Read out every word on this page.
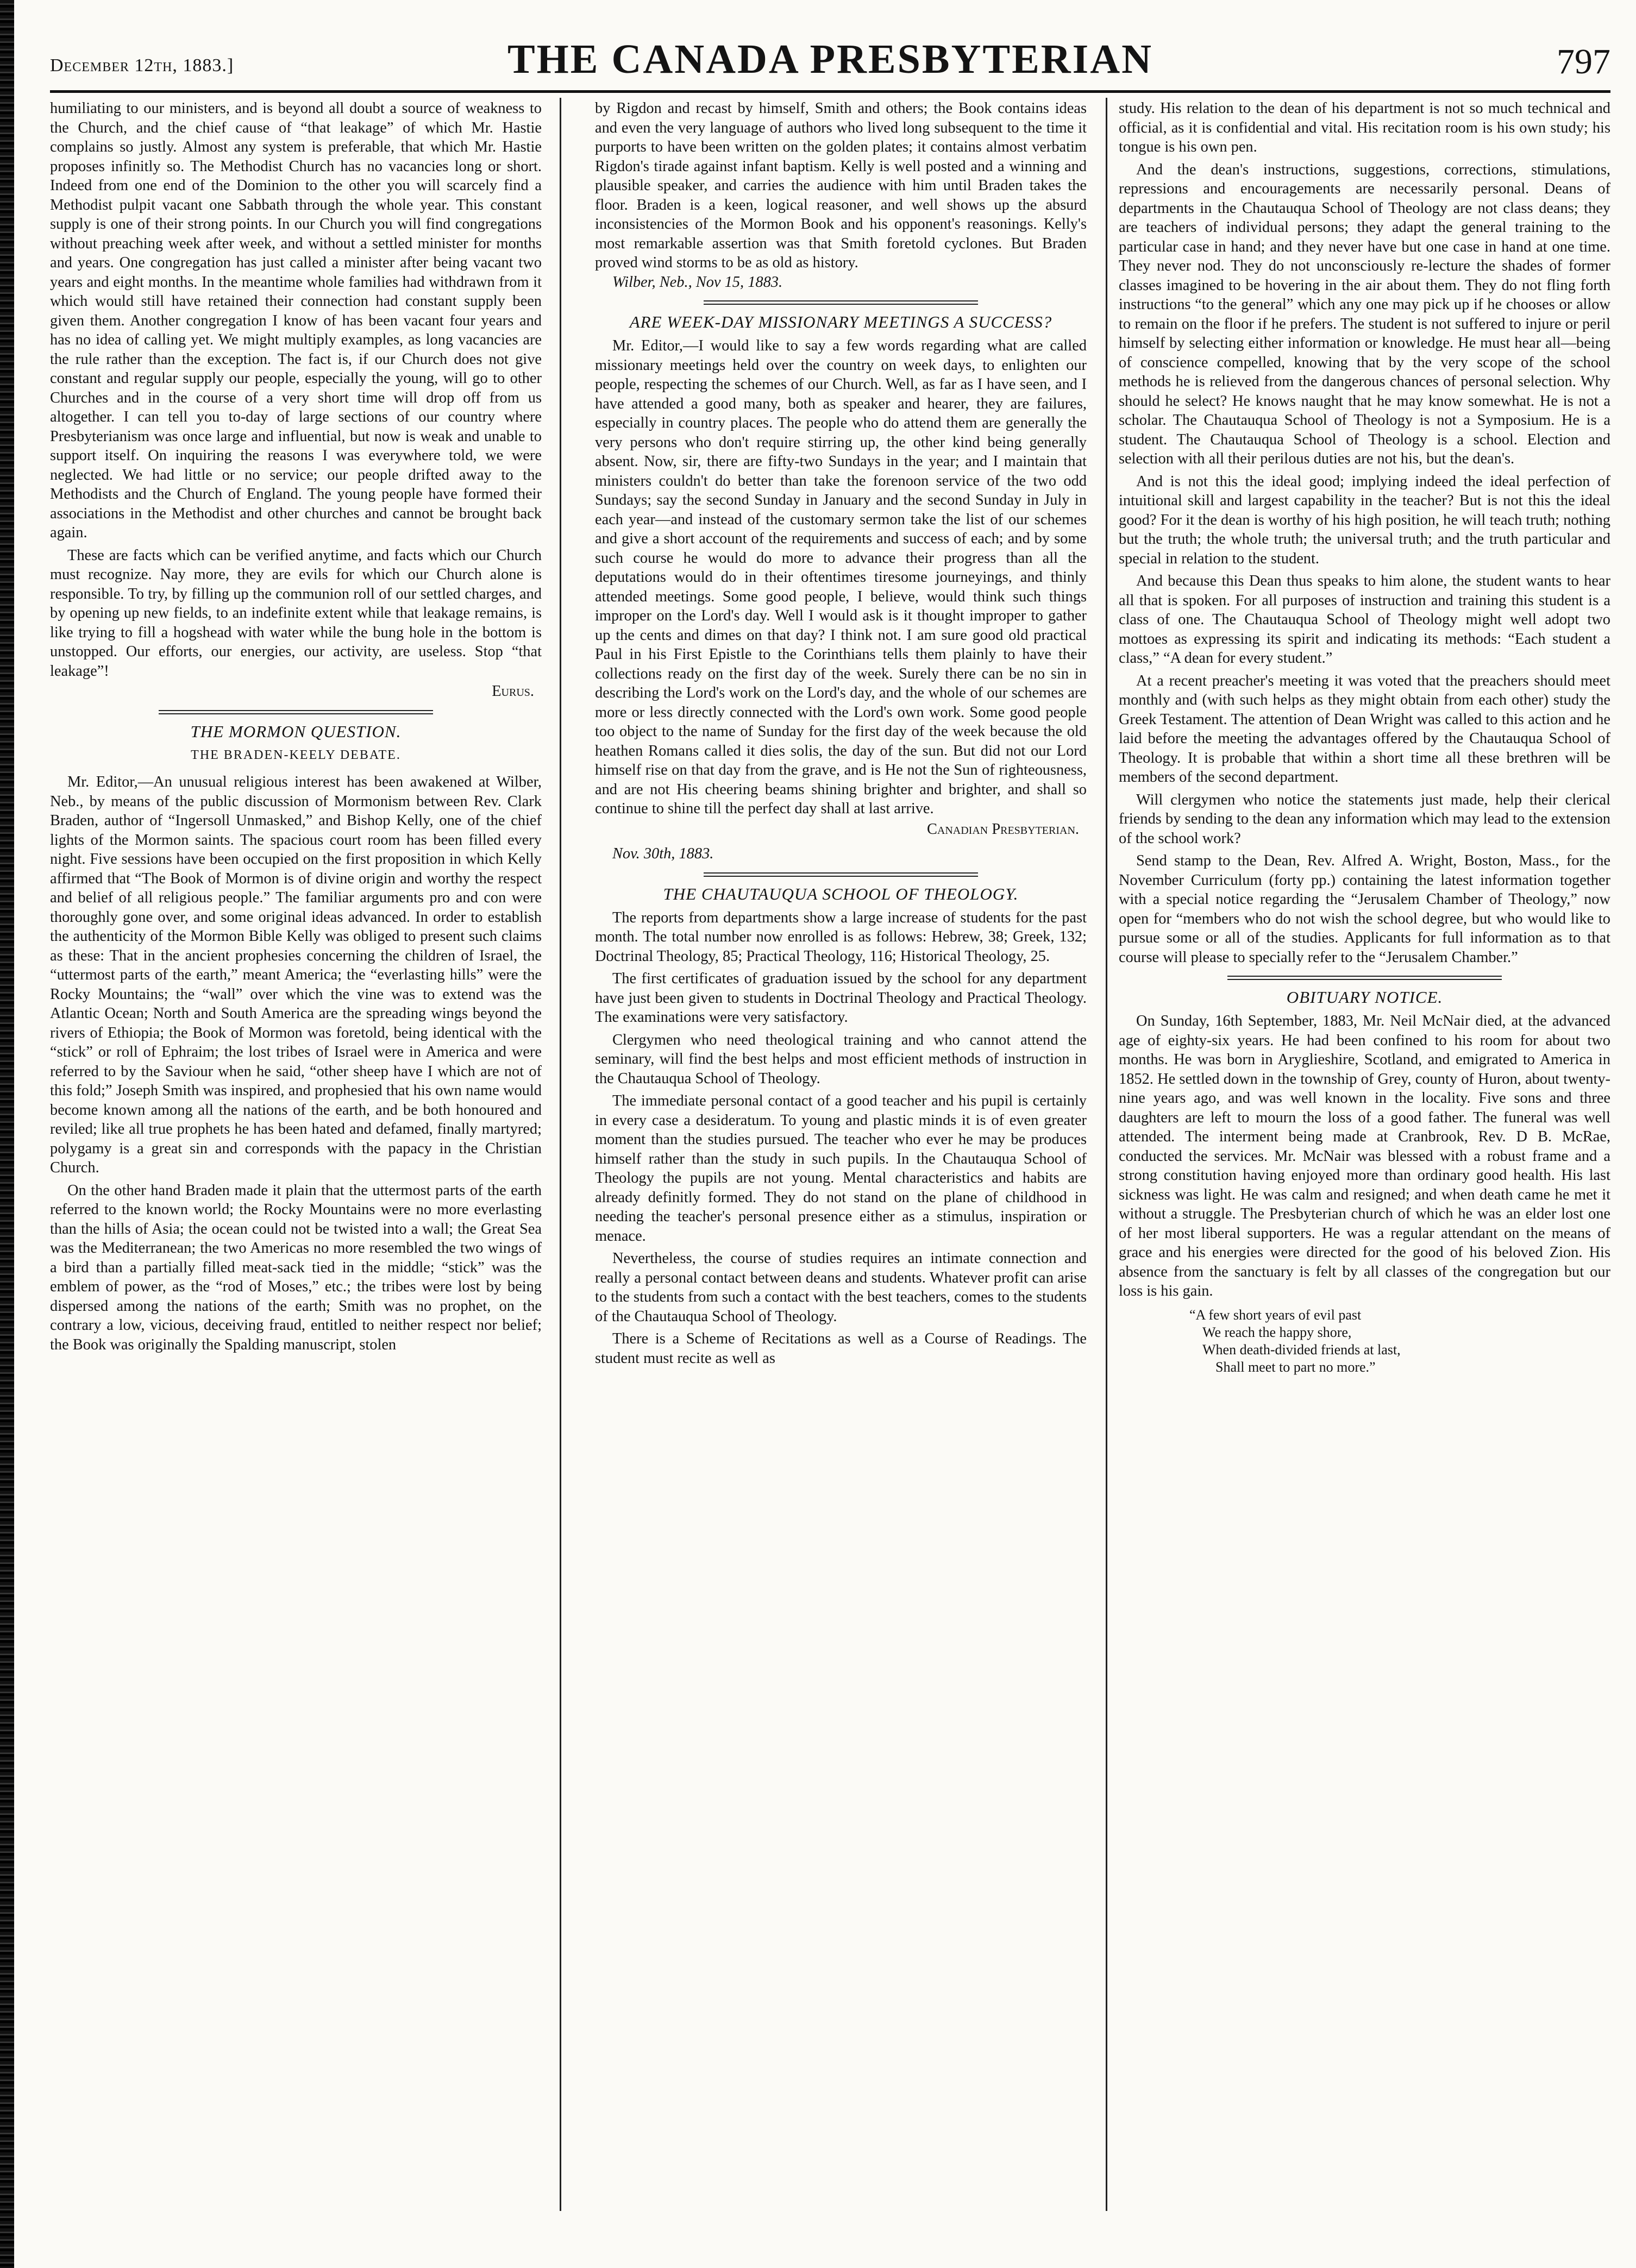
December 12th, 1883.]	THE CANADA PRESBYTERIAN	797

humiliating to our ministers, and is beyond all doubt a source of weakness to the Church, and the chief cause of “that leakage” of which Mr. Hastie complains so justly. Almost any system is preferable, that which Mr. Hastie proposes infinitly so. The Methodist Church has no vacancies long or short. Indeed from one end of the Dominion to the other you will scarcely find a Methodist pulpit vacant one Sabbath through the whole year. This constant supply is one of their strong points. In our Church you will find congregations without preaching week after week, and without a settled minister for months and years. One congregation has just called a minister after being vacant two years and eight months. In the meantime whole families had withdrawn from it which would still have retained their connection had constant supply been given them. Another congregation I know of has been vacant four years and has no idea of calling yet. We might multiply examples, as long vacancies are the rule rather than the exception. The fact is, if our Church does not give constant and regular supply our people, especially the young, will go to other Churches and in the course of a very short time will drop off from us altogether. I can tell you to-day of large sections of our country where Presbyterianism was once large and influential, but now is weak and unable to support itself. On inquiring the reasons I was everywhere told, we were neglected. We had little or no service; our people drifted away to the Methodists and the Church of England. The young people have formed their associations in the Methodist and other churches and cannot be brought back again.

These are facts which can be verified anytime, and facts which our Church must recognize. Nay more, they are evils for which our Church alone is responsible. To try, by filling up the communion roll of our settled charges, and by opening up new fields, to an indefinite extent while that leakage remains, is like trying to fill a hogshead with water while the bung hole in the bottom is unstopped. Our efforts, our energies, our activity, are useless. Stop “that leakage”!

Eurus.
THE MORMON QUESTION.
THE BRADEN-KEELY DEBATE.

Mr. Editor,—An unusual religious interest has been awakened at Wilber, Neb., by means of the public discussion of Mormonism between Rev. Clark Braden, author of “Ingersoll Unmasked,” and Bishop Kelly, one of the chief lights of the Mormon saints. The spacious court room has been filled every night. Five sessions have been occupied on the first proposition in which Kelly affirmed that “The Book of Mormon is of divine origin and worthy the respect and belief of all religious people.” The familiar arguments pro and con were thoroughly gone over, and some original ideas advanced. In order to establish the authenticity of the Mormon Bible Kelly was obliged to present such claims as these: That in the ancient prophesies concerning the children of Israel, the “uttermost parts of the earth,” meant America; the “everlasting hills” were the Rocky Mountains; the “wall” over which the vine was to extend was the Atlantic Ocean; North and South America are the spreading wings beyond the rivers of Ethiopia; the Book of Mormon was foretold, being identical with the “stick” or roll of Ephraim; the lost tribes of Israel were in America and were referred to by the Saviour when he said, “other sheep have I which are not of this fold;” Joseph Smith was inspired, and prophesied that his own name would become known among all the nations of the earth, and be both honoured and reviled; like all true prophets he has been hated and defamed, finally martyred; polygamy is a great sin and corresponds with the papacy in the Christian Church.

On the other hand Braden made it plain that the uttermost parts of the earth referred to the known world; the Rocky Mountains were no more everlasting than the hills of Asia; the ocean could not be twisted into a wall; the Great Sea was the Mediterranean; the two Americas no more resembled the two wings of a bird than a partially filled meat-sack tied in the middle; “stick” was the emblem of power, as the “rod of Moses,” etc.; the tribes were lost by being dispersed among the nations of the earth; Smith was no prophet, on the contrary a low, vicious, deceiving fraud, entitled to neither respect nor belief; the Book was originally the Spalding manuscript, stolen

by Rigdon and recast by himself, Smith and others; the Book contains ideas and even the very language of authors who lived long subsequent to the time it purports to have been written on the golden plates; it contains almost verbatim Rigdon's tirade against infant baptism. Kelly is well posted and a winning and plausible speaker, and carries the audience with him until Braden takes the floor. Braden is a keen, logical reasoner, and well shows up the absurd inconsistencies of the Mormon Book and his opponent's reasonings. Kelly's most remarkable assertion was that Smith foretold cyclones. But Braden proved wind storms to be as old as history.

Wilber, Neb., Nov 15, 1883.
ARE WEEK-DAY MISSIONARY MEETINGS A SUCCESS?

Mr. Editor,—I would like to say a few words regarding what are called missionary meetings held over the country on week days, to enlighten our people, respecting the schemes of our Church. Well, as far as I have seen, and I have attended a good many, both as speaker and hearer, they are failures, especially in country places. The people who do attend them are generally the very persons who don't require stirring up, the other kind being generally absent. Now, sir, there are fifty-two Sundays in the year; and I maintain that ministers couldn't do better than take the forenoon service of the two odd Sundays; say the second Sunday in January and the second Sunday in July in each year—and instead of the customary sermon take the list of our schemes and give a short account of the requirements and success of each; and by some such course he would do more to advance their progress than all the deputations would do in their oftentimes tiresome journeyings, and thinly attended meetings. Some good people, I believe, would think such things improper on the Lord's day. Well I would ask is it thought improper to gather up the cents and dimes on that day? I think not. I am sure good old practical Paul in his First Epistle to the Corinthians tells them plainly to have their collections ready on the first day of the week. Surely there can be no sin in describing the Lord's work on the Lord's day, and the whole of our schemes are more or less directly connected with the Lord's own work. Some good people too object to the name of Sunday for the first day of the week because the old heathen Romans called it dies solis, the day of the sun. But did not our Lord himself rise on that day from the grave, and is He not the Sun of righteousness, and are not His cheering beams shining brighter and brighter, and shall so continue to shine till the perfect day shall at last arrive.

Canadian Presbyterian.
Nov. 30th, 1883.
THE CHAUTAUQUA SCHOOL OF THEOLOGY.

The reports from departments show a large increase of students for the past month. The total number now enrolled is as follows: Hebrew, 38; Greek, 132; Doctrinal Theology, 85; Practical Theology, 116; Historical Theology, 25.

The first certificates of graduation issued by the school for any department have just been given to students in Doctrinal Theology and Practical Theology. The examinations were very satisfactory.

Clergymen who need theological training and who cannot attend the seminary, will find the best helps and most efficient methods of instruction in the Chautauqua School of Theology.

The immediate personal contact of a good teacher and his pupil is certainly in every case a desideratum. To young and plastic minds it is of even greater moment than the studies pursued. The teacher who ever he may be produces himself rather than the study in such pupils. In the Chautauqua School of Theology the pupils are not young. Mental characteristics and habits are already definitly formed. They do not stand on the plane of childhood in needing the teacher's personal presence either as a stimulus, inspiration or menace.

Nevertheless, the course of studies requires an intimate connection and really a personal contact between deans and students. Whatever profit can arise to the students from such a contact with the best teachers, comes to the students of the Chautauqua School of Theology.

There is a Scheme of Recitations as well as a Course of Readings. The student must recite as well as

study. His relation to the dean of his department is not so much technical and official, as it is confidential and vital. His recitation room is his own study; his tongue is his own pen.

And the dean's instructions, suggestions, corrections, stimulations, repressions and encouragements are necessarily personal. Deans of departments in the Chautauqua School of Theology are not class deans; they are teachers of individual persons; they adapt the general training to the particular case in hand; and they never have but one case in hand at one time. They never nod. They do not unconsciously re-lecture the shades of former classes imagined to be hovering in the air about them. They do not fling forth instructions “to the general” which any one may pick up if he chooses or allow to remain on the floor if he prefers. The student is not suffered to injure or peril himself by selecting either information or knowledge. He must hear all—being of conscience compelled, knowing that by the very scope of the school methods he is relieved from the dangerous chances of personal selection. Why should he select? He knows naught that he may know somewhat. He is not a scholar. The Chautauqua School of Theology is not a Symposium. He is a student. The Chautauqua School of Theology is a school. Election and selection with all their perilous duties are not his, but the dean's.

And is not this the ideal good; implying indeed the ideal perfection of intuitional skill and largest capability in the teacher? But is not this the ideal good? For it the dean is worthy of his high position, he will teach truth; nothing but the truth; the whole truth; the universal truth; and the truth particular and special in relation to the student.

And because this Dean thus speaks to him alone, the student wants to hear all that is spoken. For all purposes of instruction and training this student is a class of one. The Chautauqua School of Theology might well adopt two mottoes as expressing its spirit and indicating its methods: “Each student a class,” “A dean for every student.”

At a recent preacher's meeting it was voted that the preachers should meet monthly and (with such helps as they might obtain from each other) study the Greek Testament. The attention of Dean Wright was called to this action and he laid before the meeting the advantages offered by the Chautauqua School of Theology. It is probable that within a short time all these brethren will be members of the second department.

Will clergymen who notice the statements just made, help their clerical friends by sending to the dean any information which may lead to the extension of the school work?

Send stamp to the Dean, Rev. Alfred A. Wright, Boston, Mass., for the November Curriculum (forty pp.) containing the latest information together with a special notice regarding the “Jerusalem Chamber of Theology,” now open for “members who do not wish the school degree, but who would like to pursue some or all of the studies. Applicants for full information as to that course will please to specially refer to the “Jerusalem Chamber.”

OBITUARY NOTICE.

On Sunday, 16th September, 1883, Mr. Neil McNair died, at the advanced age of eighty-six years. He had been confined to his room for about two months. He was born in Aryglieshire, Scotland, and emigrated to America in 1852. He settled down in the township of Grey, county of Huron, about twenty-nine years ago, and was well known in the locality. Five sons and three daughters are left to mourn the loss of a good father. The funeral was well attended. The interment being made at Cranbrook, Rev. D B. McRae, conducted the services. Mr. McNair was blessed with a robust frame and a strong constitution having enjoyed more than ordinary good health. His last sickness was light. He was calm and resigned; and when death came he met it without a struggle. The Presbyterian church of which he was an elder lost one of her most liberal supporters. He was a regular attendant on the means of grace and his energies were directed for the good of his beloved Zion. His absence from the sanctuary is felt by all classes of the congregation but our loss is his gain.

“A few short years of evil past
We reach the happy shore,
When death-divided friends at last,
Shall meet to part no more.”
